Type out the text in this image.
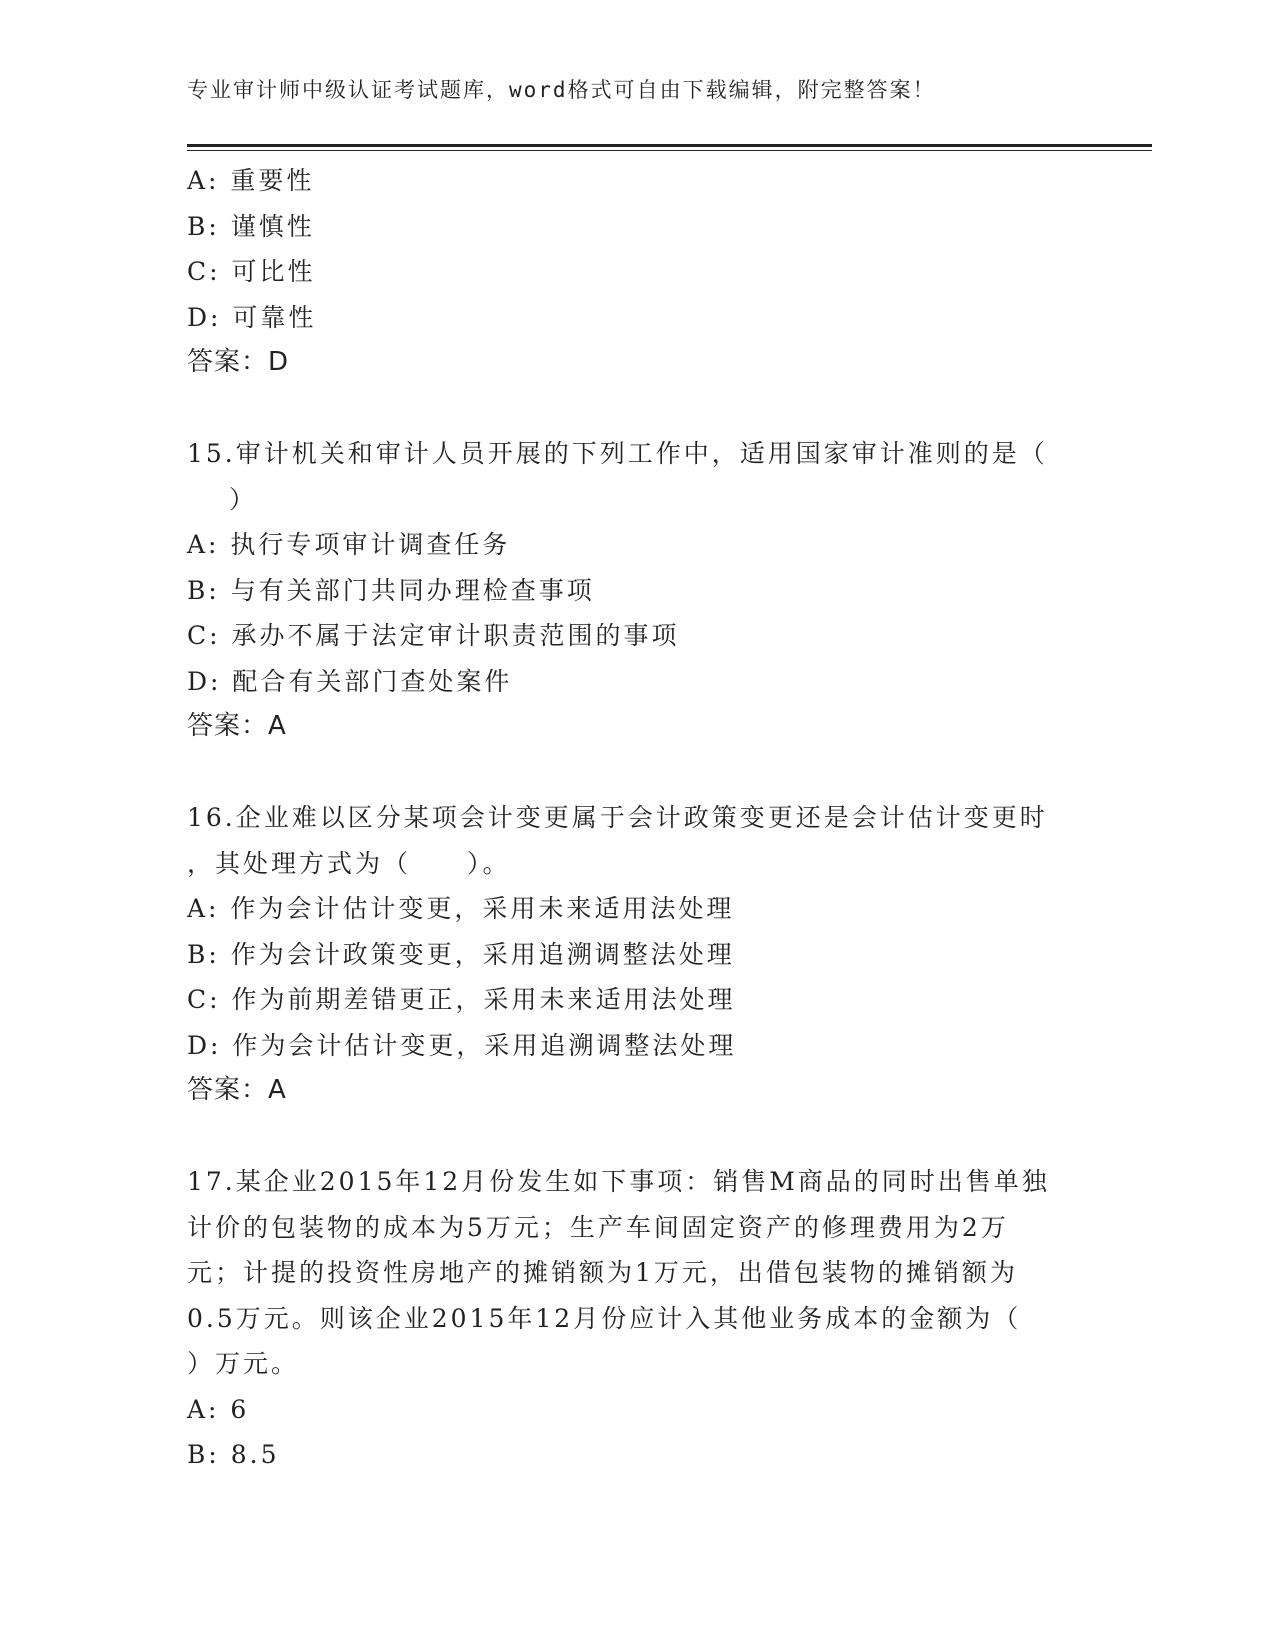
专业审计师中级认证考试题库，word格式可自由下载编辑，附完整答案！
A: 重要性
B: 谨慎性
C: 可比性
D: 可靠性
答案：D
15.审计机关和审计人员开展的下列工作中，适用国家审计准则的是（
）
A: 执行专项审计调查任务
B: 与有关部门共同办理检查事项
C: 承办不属于法定审计职责范围的事项
D: 配合有关部门查处案件
答案：A
16.企业难以区分某项会计变更属于会计政策变更还是会计估计变更时
，其处理方式为（　　）。
A: 作为会计估计变更，采用未来适用法处理
B: 作为会计政策变更，采用追溯调整法处理
C: 作为前期差错更正，采用未来适用法处理
D: 作为会计估计变更，采用追溯调整法处理
答案：A
17.某企业2015年12月份发生如下事项：销售M商品的同时出售单独
计价的包装物的成本为5万元；生产车间固定资产的修理费用为2万
元；计提的投资性房地产的摊销额为1万元，出借包装物的摊销额为
0.5万元。则该企业2015年12月份应计入其他业务成本的金额为（
）万元。
A: 6
B: 8.5
